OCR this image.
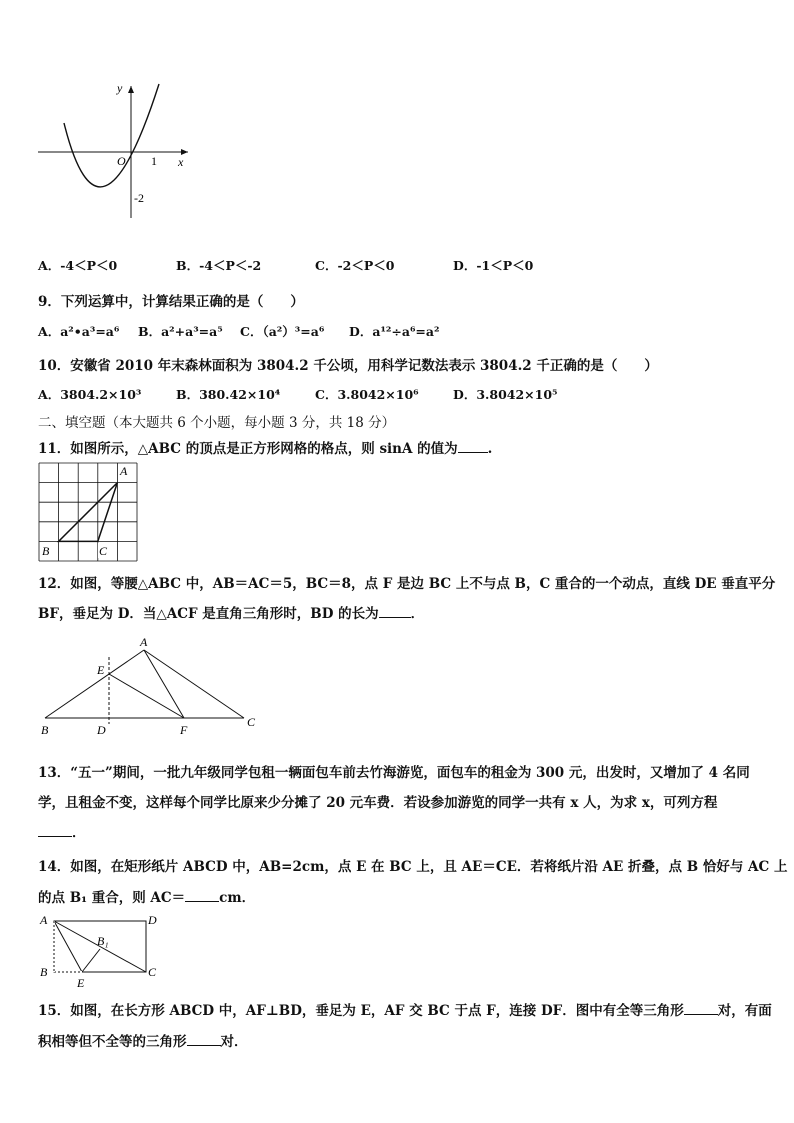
y
x
O 1
-2
A．-4＜P＜0	B．-4＜P＜-2	C．-2＜P＜0	D．-1＜P＜0
9．下列运算中，计算结果正确的是（　　）
A．a²•a³=a⁶ B．a²+a³=a⁵ C．（a²）³=a⁶ D．a¹²÷a⁶=a²
10．安徽省 2010 年末森林面积为 3804.2 千公顷，用科学记数法表示 3804.2 千正确的是（　　）
A．3804.2×10³	B．380.42×10⁴	C．3.8042×10⁶	D．3.8042×10⁵
二、填空题（本大题共 6 个小题，每小题 3 分，共 18 分）
11．如图所示，△ABC 的顶点是正方形网格的格点，则 sinA 的值为 .
A
B	C
12．如图，等腰△ABC 中，AB＝AC＝5，BC＝8，点 F 是边 BC 上不与点 B，C 重合的一个动点，直线 DE 垂直平分
BF，垂足为 D．当△ACF 是直角三角形时，BD 的长为 ．
A
E
B	D	F
C
13．“五一”期间，一批九年级同学包租一辆面包车前去竹海游览，面包车的租金为 300 元，出发时，又增加了 4 名同
学，且租金不变，这样每个同学比原来少分摊了 20 元车费．若设参加游览的同学一共有 x 人，为求 x，可列方程
．
14．如图，在矩形纸片 ABCD 中，AB=2cm，点 E 在 BC 上，且 AE＝CE．若将纸片沿 AE 折叠，点 B 恰好与 AC 上
的点 B₁ 重合，则 AC＝	cm．
A	D
B₁
B
E
C
15．如图，在长方形 ABCD 中，AF⊥BD，垂足为 E，AF 交 BC 于点 F，连接 DF．图中有全等三角形	对，有面
积相等但不全等的三角形	对．
